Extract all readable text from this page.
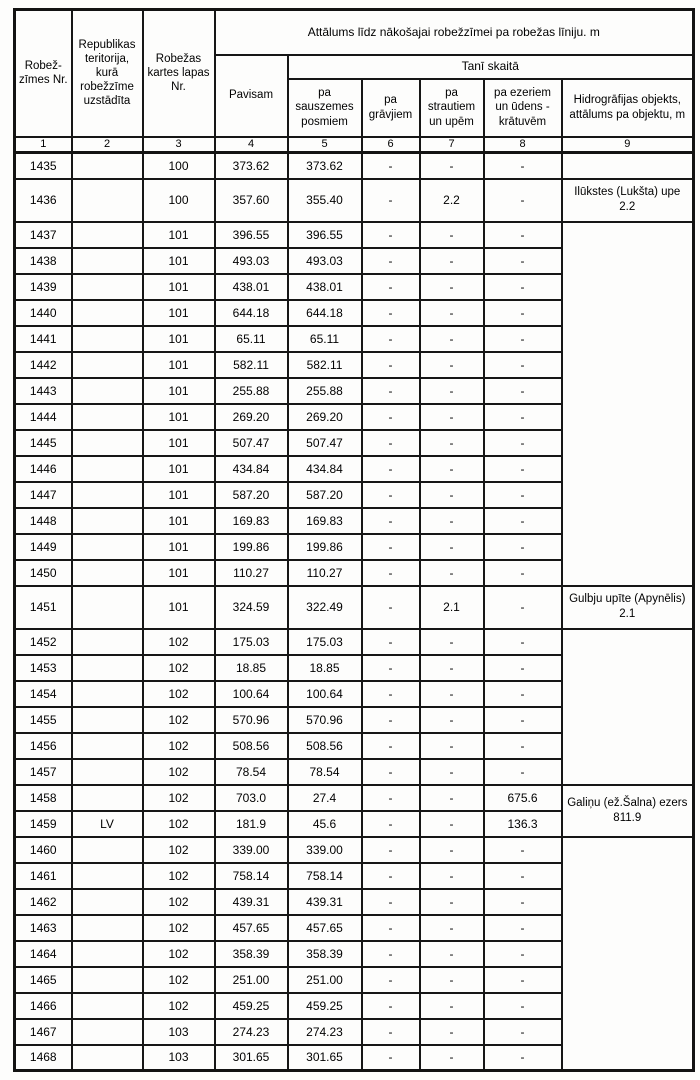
Robež-zīmes Nr.	Republikas teritorija, kurā robežzīme uzstādīta	Robežas kartes lapas Nr.	Attālums līdz nākošajai robežzīmei pa robežas līniju. m					
			Pavisam	Tanī skaitā				
				pa sauszemes posmiem	pa grāvjiem	pa strautiem un upēm	pa ezeriem un ūdens - krātuvēm	Hidrogrāfijas objekts, attālums pa objektu, m
1	2	3	4	5	6	7	8	9
1435		100	373.62	373.62	-	-	-	
1436		100	357.60	355.40	-	2.2	-	Ilūkstes (Lukšta) upe 2.2
1437		101	396.55	396.55	-	-	-	
1438		101	493.03	493.03	-	-	-	
1439		101	438.01	438.01	-	-	-	
1440		101	644.18	644.18	-	-	-	
1441		101	65.11	65.11	-	-	-	
1442		101	582.11	582.11	-	-	-	
1443		101	255.88	255.88	-	-	-	
1444		101	269.20	269.20	-	-	-	
1445		101	507.47	507.47	-	-	-	
1446		101	434.84	434.84	-	-	-	
1447		101	587.20	587.20	-	-	-	
1448		101	169.83	169.83	-	-	-	
1449		101	199.86	199.86	-	-	-	
1450		101	110.27	110.27	-	-	-	
1451		101	324.59	322.49	-	2.1	-	Gulbju upīte (Apynēlis) 2.1
1452		102	175.03	175.03	-	-	-	
1453		102	18.85	18.85	-	-	-	
1454		102	100.64	100.64	-	-	-	
1455		102	570.96	570.96	-	-	-	
1456		102	508.56	508.56	-	-	-	
1457		102	78.54	78.54	-	-	-	
1458		102	703.0	27.4	-	-	675.6	Galiņu (ež.Šalna) ezers 811.9
1459	LV	102	181.9	45.6	-	-	136.3	
1460		102	339.00	339.00	-	-	-	
1461		102	758.14	758.14	-	-	-	
1462		102	439.31	439.31	-	-	-	
1463		102	457.65	457.65	-	-	-	
1464		102	358.39	358.39	-	-	-	
1465		102	251.00	251.00	-	-	-	
1466		102	459.25	459.25	-	-	-	
1467		103	274.23	274.23	-	-	-	
1468		103	301.65	301.65	-	-	-	
